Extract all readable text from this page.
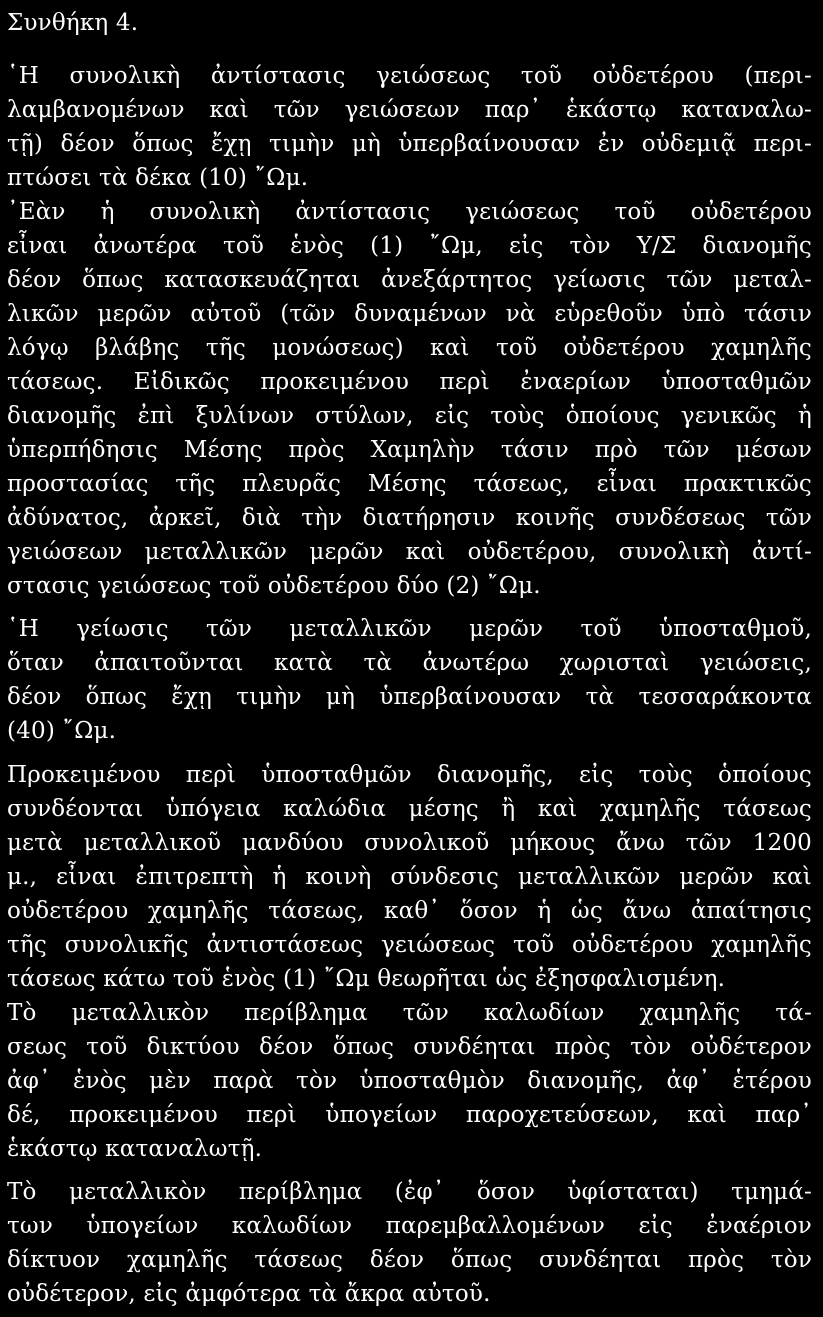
Συνθήκη 4.
῾Η συνολικὴ ἀντίστασις γειώσεως τοῦ οὐδετέρου (περι-
λαμβανομένων καὶ τῶν γειώσεων παρ᾿ ἑκάστῳ καταναλω-
τῇ) δέον ὅπως ἔχῃ τιμὴν μὴ ὑπερβαίνουσαν ἐν οὐδεμιᾷ περι-
πτώσει τὰ δέκα (10) ῎Ωμ.
᾿Εὰν ἡ συνολικὴ ἀντίστασις γειώσεως τοῦ οὐδετέρου
εἶναι ἀνωτέρα τοῦ ἑνὸς (1) ῎Ωμ, εἰς τὸν Υ/Σ διανομῆς
δέον ὅπως κατασκευάζηται ἀνεξάρτητος γείωσις τῶν μεταλ-
λικῶν μερῶν αὐτοῦ (τῶν δυναμένων νὰ εὑρεθοῦν ὑπὸ τάσιν
λόγῳ βλάβης τῆς μονώσεως) καὶ τοῦ οὐδετέρου χαμηλῆς
τάσεως. Εἰδικῶς προκειμένου περὶ ἐναερίων ὑποσταθμῶν
διανομῆς ἐπὶ ξυλίνων στύλων, εἰς τοὺς ὁποίους γενικῶς ἡ
ὑπερπήδησις Μέσης πρὸς Χαμηλὴν τάσιν πρὸ τῶν μέσων
προστασίας τῆς πλευρᾶς Μέσης τάσεως, εἶναι πρακτικῶς
ἀδύνατος, ἀρκεῖ, διὰ τὴν διατήρησιν κοινῆς συνδέσεως τῶν
γειώσεων μεταλλικῶν μερῶν καὶ οὐδετέρου, συνολικὴ ἀντί-
στασις γειώσεως τοῦ οὐδετέρου δύο (2) ῎Ωμ.
῾Η γείωσις τῶν μεταλλικῶν μερῶν τοῦ ὑποσταθμοῦ,
ὅταν ἀπαιτοῦνται κατὰ τὰ ἀνωτέρω χωρισταὶ γειώσεις,
δέον ὅπως ἔχῃ τιμὴν μὴ ὑπερβαίνουσαν τὰ τεσσαράκοντα
(40) ῎Ωμ.
Προκειμένου περὶ ὑποσταθμῶν διανομῆς, εἰς τοὺς ὁποίους
συνδέονται ὑπόγεια καλώδια μέσης ἢ καὶ χαμηλῆς τάσεως
μετὰ μεταλλικοῦ μανδύου συνολικοῦ μήκους ἄνω τῶν 1200
μ., εἶναι ἐπιτρεπτὴ ἡ κοινὴ σύνδεσις μεταλλικῶν μερῶν καὶ
οὐδετέρου χαμηλῆς τάσεως, καθ᾿ ὅσον ἡ ὡς ἄνω ἀπαίτησις
τῆς συνολικῆς ἀντιστάσεως γειώσεως τοῦ οὐδετέρου χαμηλῆς
τάσεως κάτω τοῦ ἑνὸς (1) ῎Ωμ θεωρῆται ὡς ἐξησφαλισμένη.
Τὸ μεταλλικὸν περίβλημα τῶν καλωδίων χαμηλῆς τά-
σεως τοῦ δικτύου δέον ὅπως συνδέηται πρὸς τὸν οὐδέτερον
ἀφ᾿ ἑνὸς μὲν παρὰ τὸν ὑποσταθμὸν διανομῆς, ἀφ᾿ ἑτέρου
δέ, προκειμένου περὶ ὑπογείων παροχετεύσεων, καὶ παρ᾿
ἑκάστῳ καταναλωτῇ.
Τὸ μεταλλικὸν περίβλημα (ἐφ᾿ ὅσον ὑφίσταται) τμημά-
των ὑπογείων καλωδίων παρεμβαλλομένων εἰς ἐναέριον
δίκτυον χαμηλῆς τάσεως δέον ὅπως συνδέηται πρὸς τὸν
οὐδέτερον, εἰς ἀμφότερα τὰ ἄκρα αὐτοῦ.
